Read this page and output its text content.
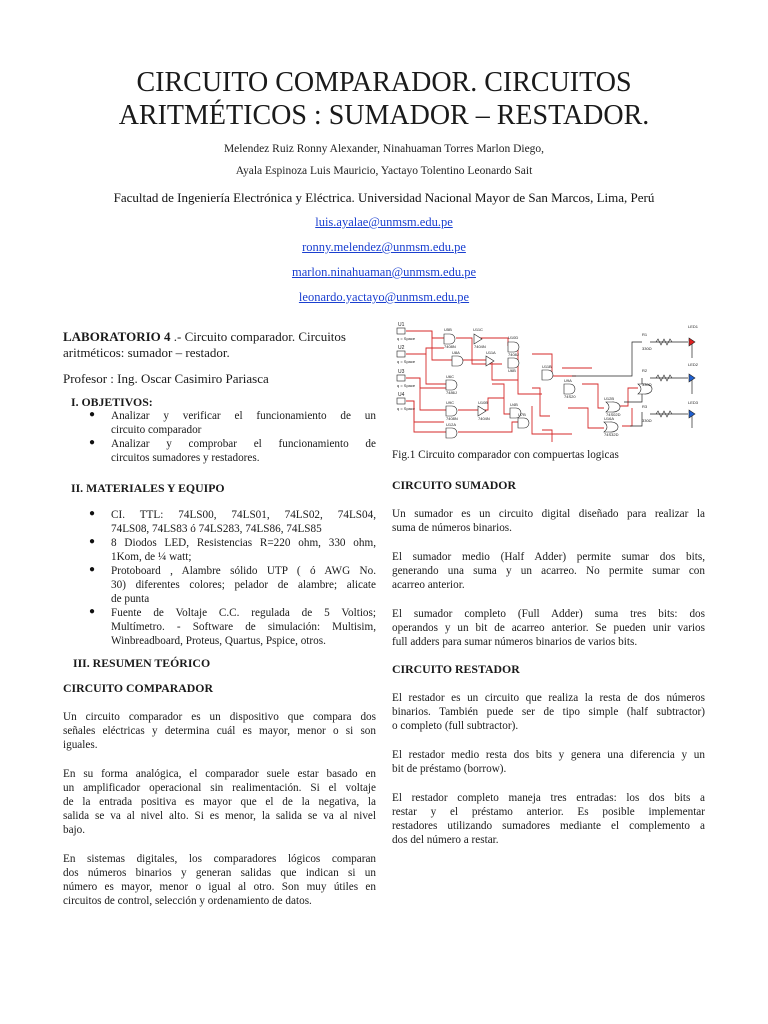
CIRCUITO COMPARADOR. CIRCUITOS
ARITMÉTICOS : SUMADOR – RESTADOR.
Melendez Ruiz Ronny Alexander, Ninahuaman Torres Marlon Diego,
Ayala Espinoza Luis Mauricio, Yactayo Tolentino Leonardo Sait
Facultad de Ingeniería Electrónica y Eléctrica. Universidad Nacional Mayor de San Marcos, Lima, Perú
luis.ayalae@unmsm.edu.pe
ronny.melendez@unmsm.edu.pe
marlon.ninahuaman@unmsm.edu.pe
leonardo.yactayo@unmsm.edu.pe
LABORATORIO 4 .- Circuito comparador. Circuitos
aritméticos: sumador – restador.
Profesor : Ing. Oscar Casimiro Pariasca
I. OBJETIVOS:
● Analizar y verificar el funcionamiento de un

circuito comparador

● Analizar y comprobar el funcionamiento de

circuitos sumadores y restadores.

II. MATERIALES Y EQUIPO
● CI. TTL: 74LS00, 74LS01, 74LS02, 74LS04,

74LS08, 74LS83 ó 74LS283, 74LS86, 74LS85

● 8 Diodos LED, Resistencias R=220 ohm, 330 ohm,

1Kom, de ¼ watt;

● Protoboard , Alambre sólido UTP ( ó AWG No.

30) diferentes colores; pelador de alambre; alicate

de punta

● Fuente de Voltaje C.C. regulada de 5 Voltios;

Multímetro. - Software de simulación: Multisim,

Winbreadboard, Proteus, Quartus, Pspice, otros.

III. RESUMEN TEÓRICO
CIRCUITO COMPARADOR
Un circuito comparador es un dispositivo que compara dos
señales eléctricas y determina cuál es mayor, menor o si son
iguales.
En su forma analógica, el comparador suele estar basado en
un amplificador operacional sin realimentación. Si el voltaje
de la entrada positiva es mayor que el de la negativa, la
salida se va al nivel alto. Si es menor, la salida se va al nivel
bajo.
En sistemas digitales, los comparadores lógicos comparan
dos números binarios y generan salidas que indican si un
número es mayor, menor o igual al otro. Son muy útiles en
circuitos de control, selección y ordenamiento de datos.
U1
q = Space
U2
q = Space
U3
q = Space
U4
q = Space
U5B
7408N
U11C
7404N
U10D
7408J
U8A	U11A
U6B
U6C
7486J
U11B
U9C
7408N
U10B
7404N
U4B
U12A
U7B
U9A
74S20	U12B
74S02D
U16A
74S32D
R1
330Ω
R2
330Ω
R3
330Ω
LED1
LED2
LED3
Fig.1 Circuito comparador con compuertas logicas
CIRCUITO SUMADOR
Un sumador es un circuito digital diseñado para realizar la
suma de números binarios.
El sumador medio (Half Adder) permite sumar dos bits,
generando una suma y un acarreo. No permite sumar con
acarreo anterior.
El sumador completo (Full Adder) suma tres bits: dos
operandos y un bit de acarreo anterior. Se pueden unir varios
full adders para sumar números binarios de varios bits.
CIRCUITO RESTADOR
El restador es un circuito que realiza la resta de dos números
binarios. También puede ser de tipo simple (half subtractor)
o completo (full subtractor).
El restador medio resta dos bits y genera una diferencia y un
bit de préstamo (borrow).
El restador completo maneja tres entradas: los dos bits a
restar y el préstamo anterior. Es posible implementar
restadores utilizando sumadores mediante el complemento a
dos del número a restar.
